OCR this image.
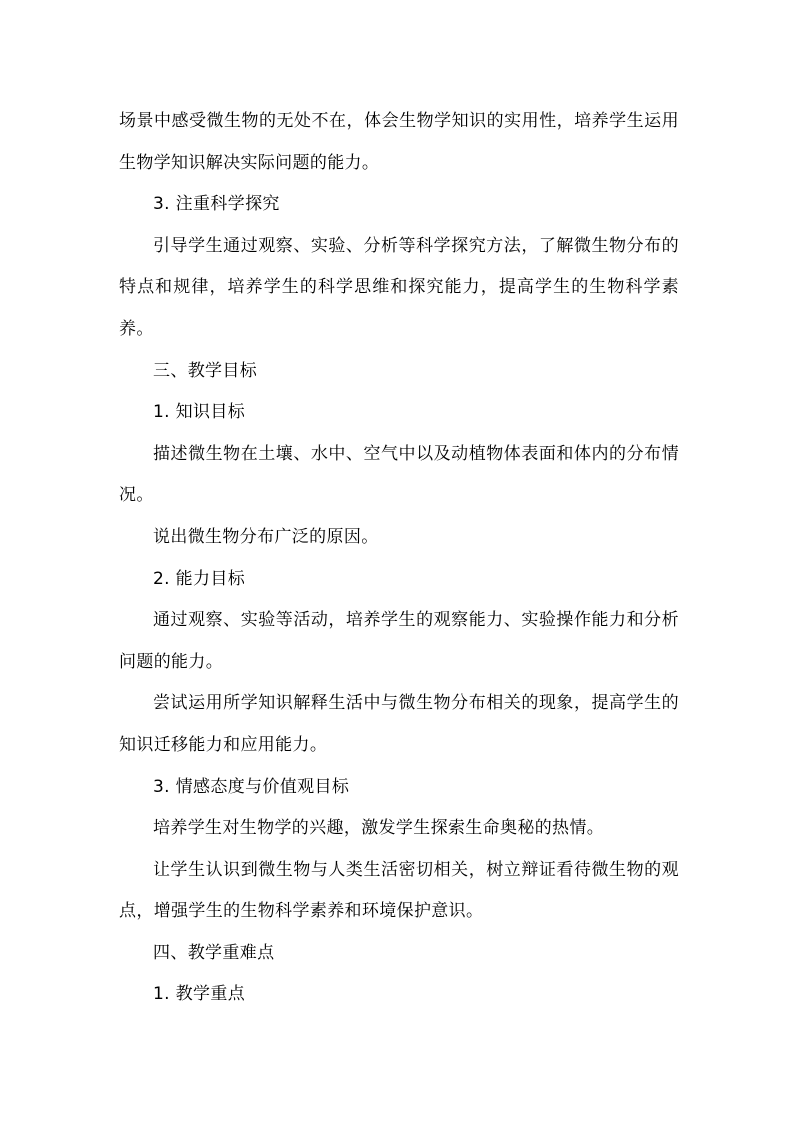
场景中感受微生物的无处不在，体会生物学知识的实用性，培养学生运用生物学知识解决实际问题的能力。

3. 注重科学探究

引导学生通过观察、实验、分析等科学探究方法，了解微生物分布的特点和规律，培养学生的科学思维和探究能力，提高学生的生物科学素养。

三、教学目标

1. 知识目标

描述微生物在土壤、水中、空气中以及动植物体表面和体内的分布情况。

说出微生物分布广泛的原因。

2. 能力目标

通过观察、实验等活动，培养学生的观察能力、实验操作能力和分析问题的能力。

尝试运用所学知识解释生活中与微生物分布相关的现象，提高学生的知识迁移能力和应用能力。

3. 情感态度与价值观目标

培养学生对生物学的兴趣，激发学生探索生命奥秘的热情。

让学生认识到微生物与人类生活密切相关，树立辩证看待微生物的观点，增强学生的生物科学素养和环境保护意识。

四、教学重难点

1. 教学重点
